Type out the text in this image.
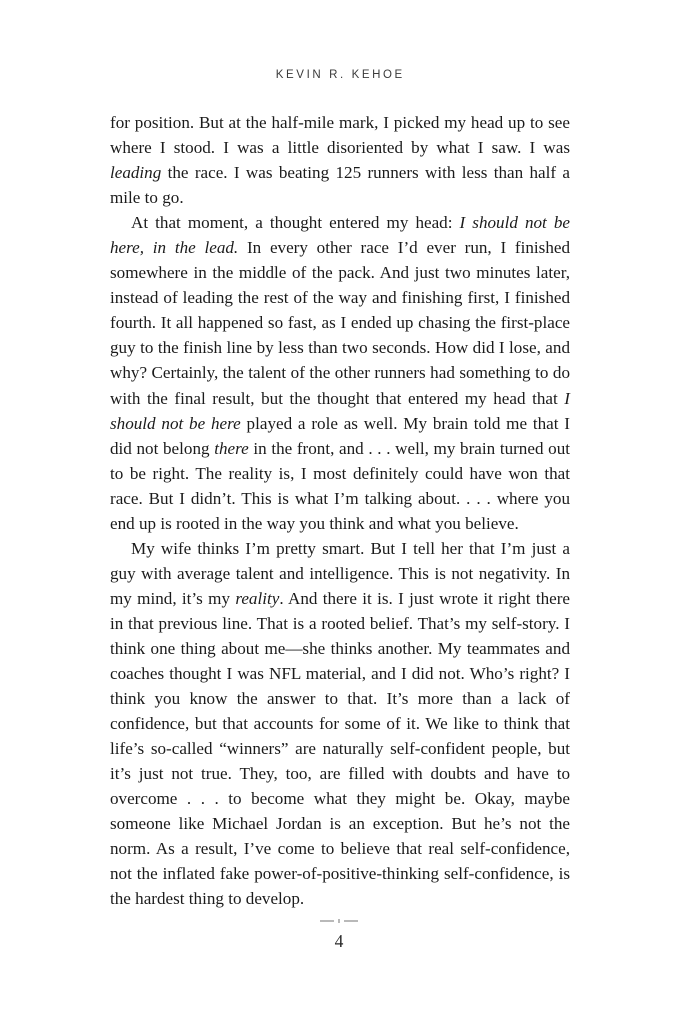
KEVIN R. KEHOE

for position. But at the half-mile mark, I picked my head up to see where I stood. I was a little disoriented by what I saw. I was leading the race. I was beating 125 runners with less than half a mile to go.

At that moment, a thought entered my head: I should not be here, in the lead. In every other race I’d ever run, I finished somewhere in the middle of the pack. And just two minutes later, instead of leading the rest of the way and finishing first, I finished fourth. It all happened so fast, as I ended up chasing the first-place guy to the finish line by less than two seconds. How did I lose, and why? Certainly, the talent of the other runners had something to do with the final result, but the thought that entered my head that I should not be here played a role as well. My brain told me that I did not belong there in the front, and . . . well, my brain turned out to be right. The reality is, I most definitely could have won that race. But I didn’t. This is what I’m talking about. . . . where you end up is rooted in the way you think and what you believe.

My wife thinks I’m pretty smart. But I tell her that I’m just a guy with average talent and intelligence. This is not negativity. In my mind, it’s my reality. And there it is. I just wrote it right there in that previous line. That is a rooted belief. That’s my self-story. I think one thing about me—she thinks another. My teammates and coaches thought I was NFL material, and I did not. Who’s right? I think you know the answer to that. It’s more than a lack of confidence, but that accounts for some of it. We like to think that life’s so-called “winners” are naturally self-confident people, but it’s just not true. They, too, are filled with doubts and have to overcome . . . to become what they might be. Okay, maybe someone like Michael Jordan is an exception. But he’s not the norm. As a result, I’ve come to believe that real self-confidence, not the inflated fake power-of-positive-thinking self-confidence, is the hardest thing to develop.

4
